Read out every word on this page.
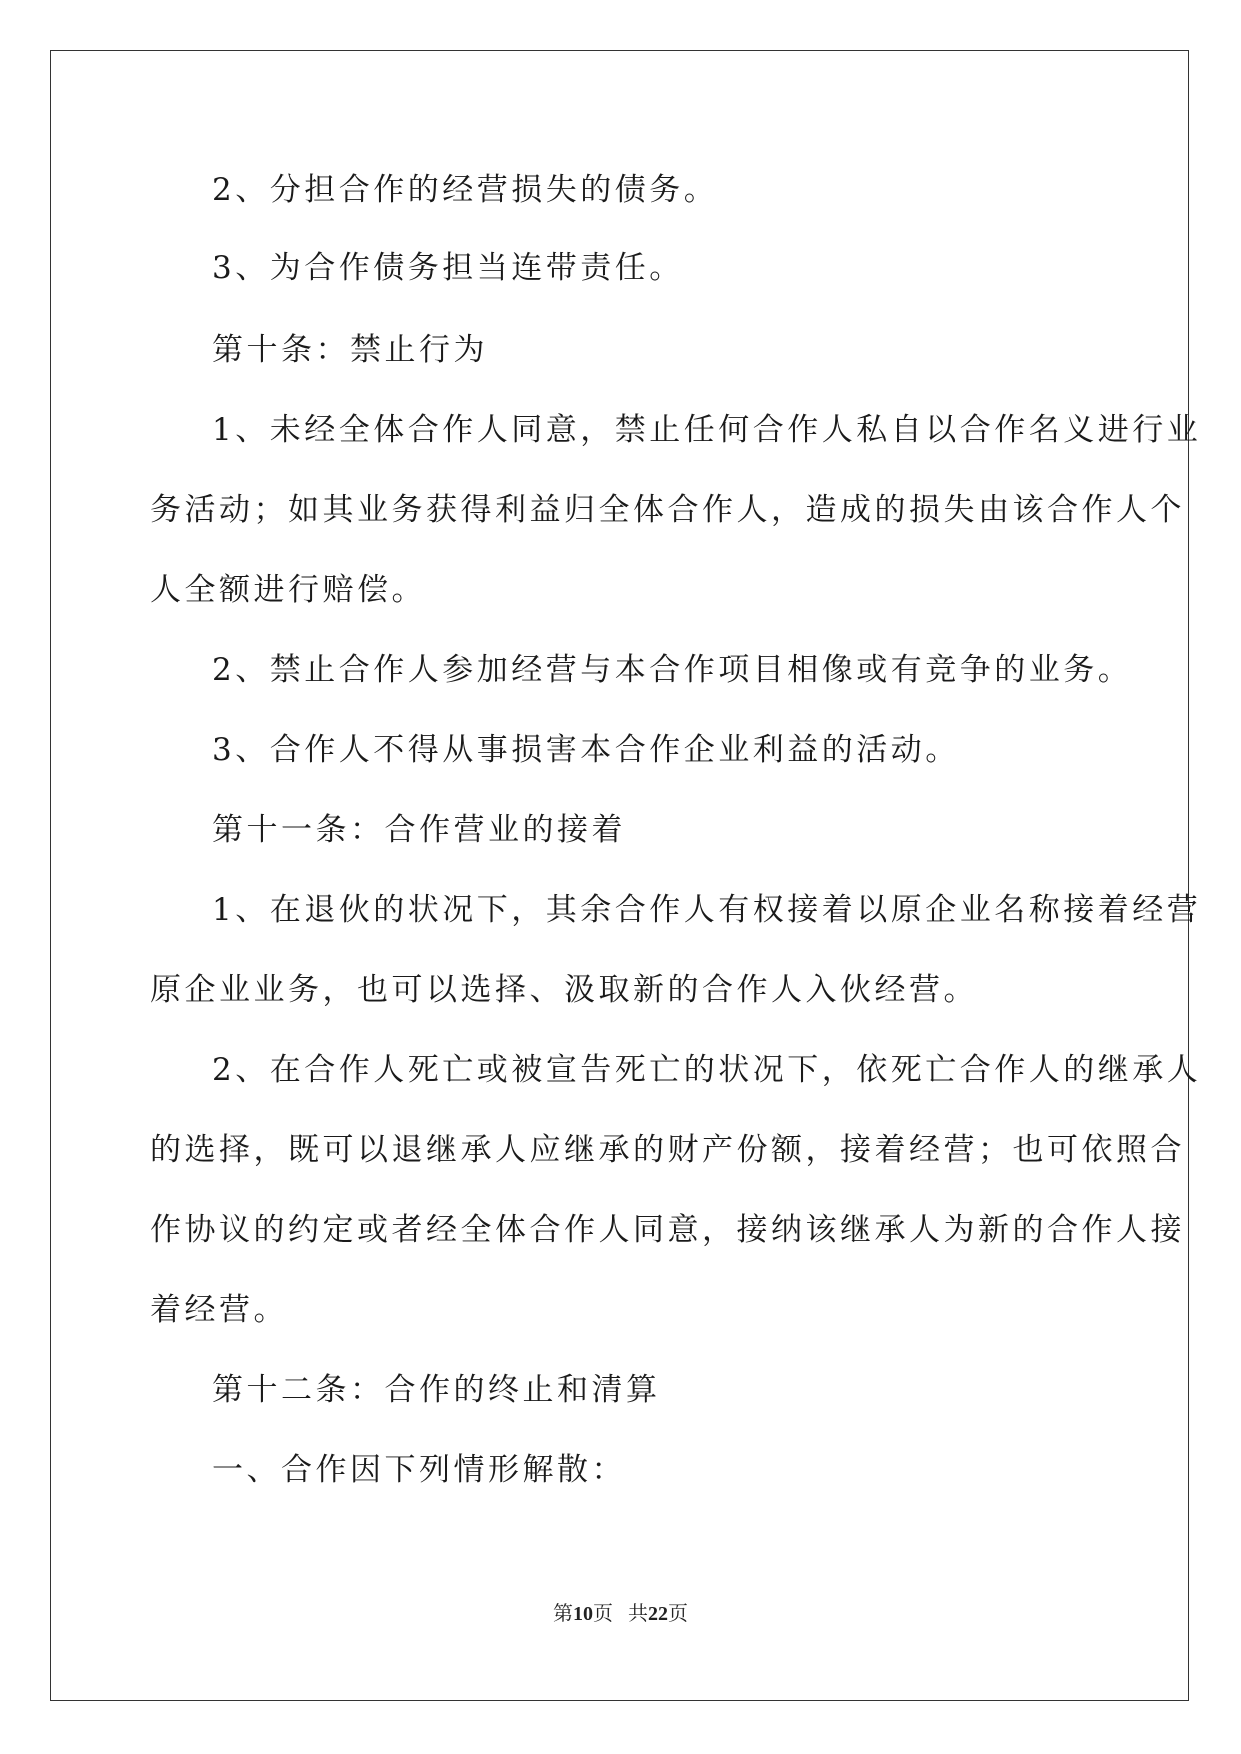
2、分担合作的经营损失的债务。

3、为合作债务担当连带责任。

第十条：禁止行为

1、未经全体合作人同意，禁止任何合作人私自以合作名义进行业

务活动；如其业务获得利益归全体合作人，造成的损失由该合作人个

人全额进行赔偿。

2、禁止合作人参加经营与本合作项目相像或有竞争的业务。

3、合作人不得从事损害本合作企业利益的活动。

第十一条：合作营业的接着

1、在退伙的状况下，其余合作人有权接着以原企业名称接着经营

原企业业务，也可以选择、汲取新的合作人入伙经营。

2、在合作人死亡或被宣告死亡的状况下，依死亡合作人的继承人

的选择，既可以退继承人应继承的财产份额，接着经营；也可依照合

作协议的约定或者经全体合作人同意，接纳该继承人为新的合作人接

着经营。

第十二条：合作的终止和清算

一、合作因下列情形解散：

第10页 共22页
